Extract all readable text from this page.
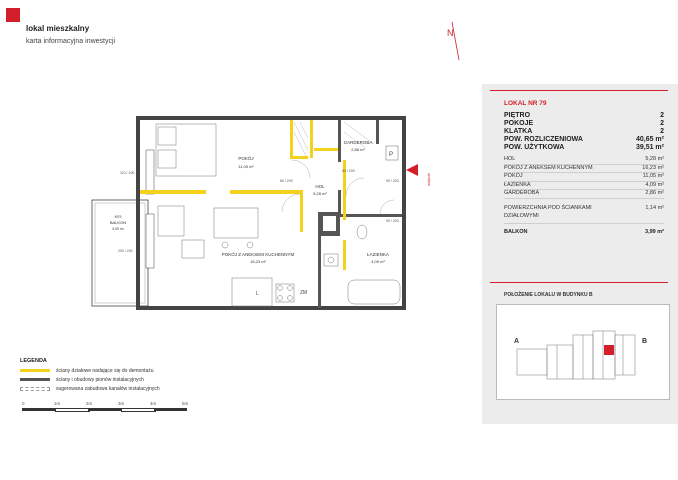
lokal mieszkalny
karta informacyjna inwestycji
N
P
L	ZM
wejście
POKÓJ
11,05 m²
GARDEROBA
2,86 m²
HOL
5,28 m²
POKÓJ Z ANEKSEM KUCHENNYM
16,23 m²
ŁAZIENKA
4,09 m²
M79
BALKON
3,99 m²
110 / 190
80 / 200
80 / 200
90 / 200
90 / 200
200 / 230
LEGENDA
ściany działowe nadające się do demontażu
ściany i obudowy pionów instalacyjnych
sugerowana zabudowa kanałów instalacyjnych
0	1m	2m	3m	4m	5m
LOKAL NR 79
PIĘTRO	2
POKOJE	2
KLATKA	2
POW. ROZLICZENIOWA	40,65 m²
POW. UŻYTKOWA	39,51 m²
HOL	5,28 m²
POKÓJ Z ANEKSEM KUCHENNYM	16,23 m²
POKÓJ	11,05 m²
ŁAZIENKA	4,09 m²
GARDEROBA	2,86 m²
POWIERZCHNIA POD ŚCIANKAMI	1,14 m²
DZIAŁOWYMI
BALKON	3,99 m²
POŁOŻENIE LOKALU W BUDYNKU B
A	B
